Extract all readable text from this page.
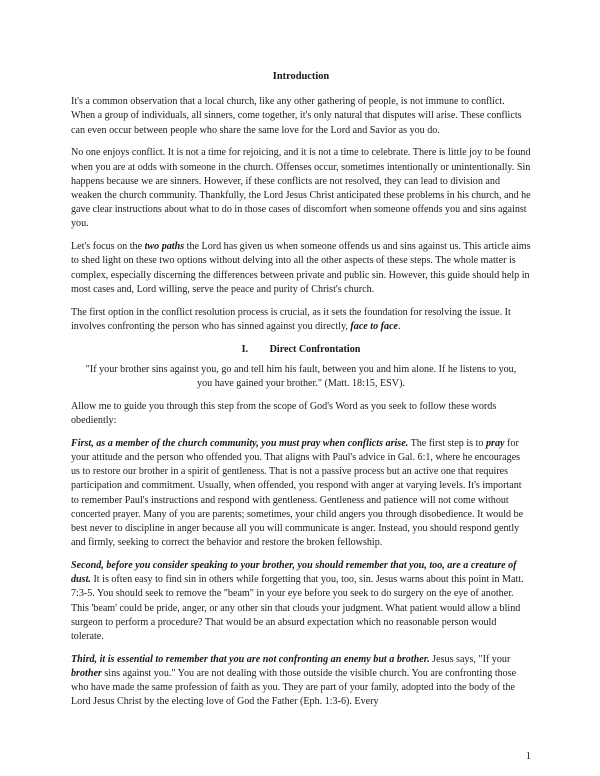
Introduction

It's a common observation that a local church, like any other gathering of people, is not immune to conflict. When a group of individuals, all sinners, come together, it's only natural that disputes will arise. These conflicts can even occur between people who share the same love for the Lord and Savior as you do.

No one enjoys conflict. It is not a time for rejoicing, and it is not a time to celebrate. There is little joy to be found when you are at odds with someone in the church. Offenses occur, sometimes intentionally or unintentionally. Sin happens because we are sinners. However, if these conflicts are not resolved, they can lead to division and weaken the church community. Thankfully, the Lord Jesus Christ anticipated these problems in his church, and he gave clear instructions about what to do in those cases of discomfort when someone offends you and sins against you.

Let's focus on the two paths the Lord has given us when someone offends us and sins against us. This article aims to shed light on these two options without delving into all the other aspects of these steps. The whole matter is complex, especially discerning the differences between private and public sin. However, this guide should help in most cases and, Lord willing, serve the peace and purity of Christ's church.

The first option in the conflict resolution process is crucial, as it sets the foundation for resolving the issue. It involves confronting the person who has sinned against you directly, face to face.

I. Direct Confrontation
"If your brother sins against you, go and tell him his fault, between you and him alone. If he listens to you, you have gained your brother." (Matt. 18:15, ESV).

Allow me to guide you through this step from the scope of God's Word as you seek to follow these words obediently:

First, as a member of the church community, you must pray when conflicts arise. The first step is to pray for your attitude and the person who offended you. That aligns with Paul's advice in Gal. 6:1, where he encourages us to restore our brother in a spirit of gentleness. That is not a passive process but an active one that requires participation and commitment. Usually, when offended, you respond with anger at varying levels. It's important to remember Paul's instructions and respond with gentleness. Gentleness and patience will not come without concerted prayer. Many of you are parents; sometimes, your child angers you through disobedience. It would be best never to discipline in anger because all you will communicate is anger. Instead, you should respond gently and firmly, seeking to correct the behavior and restore the broken fellowship.

Second, before you consider speaking to your brother, you should remember that you, too, are a creature of dust. It is often easy to find sin in others while forgetting that you, too, sin. Jesus warns about this point in Matt. 7:3-5. You should seek to remove the "beam" in your eye before you seek to do surgery on the eye of another. This 'beam' could be pride, anger, or any other sin that clouds your judgment. What patient would allow a blind surgeon to perform a procedure? That would be an absurd expectation which no reasonable person would tolerate.

Third, it is essential to remember that you are not confronting an enemy but a brother. Jesus says, "If your brother sins against you." You are not dealing with those outside the visible church. You are confronting those who have made the same profession of faith as you. They are part of your family, adopted into the body of the Lord Jesus Christ by the electing love of God the Father (Eph. 1:3-6). Every

1
